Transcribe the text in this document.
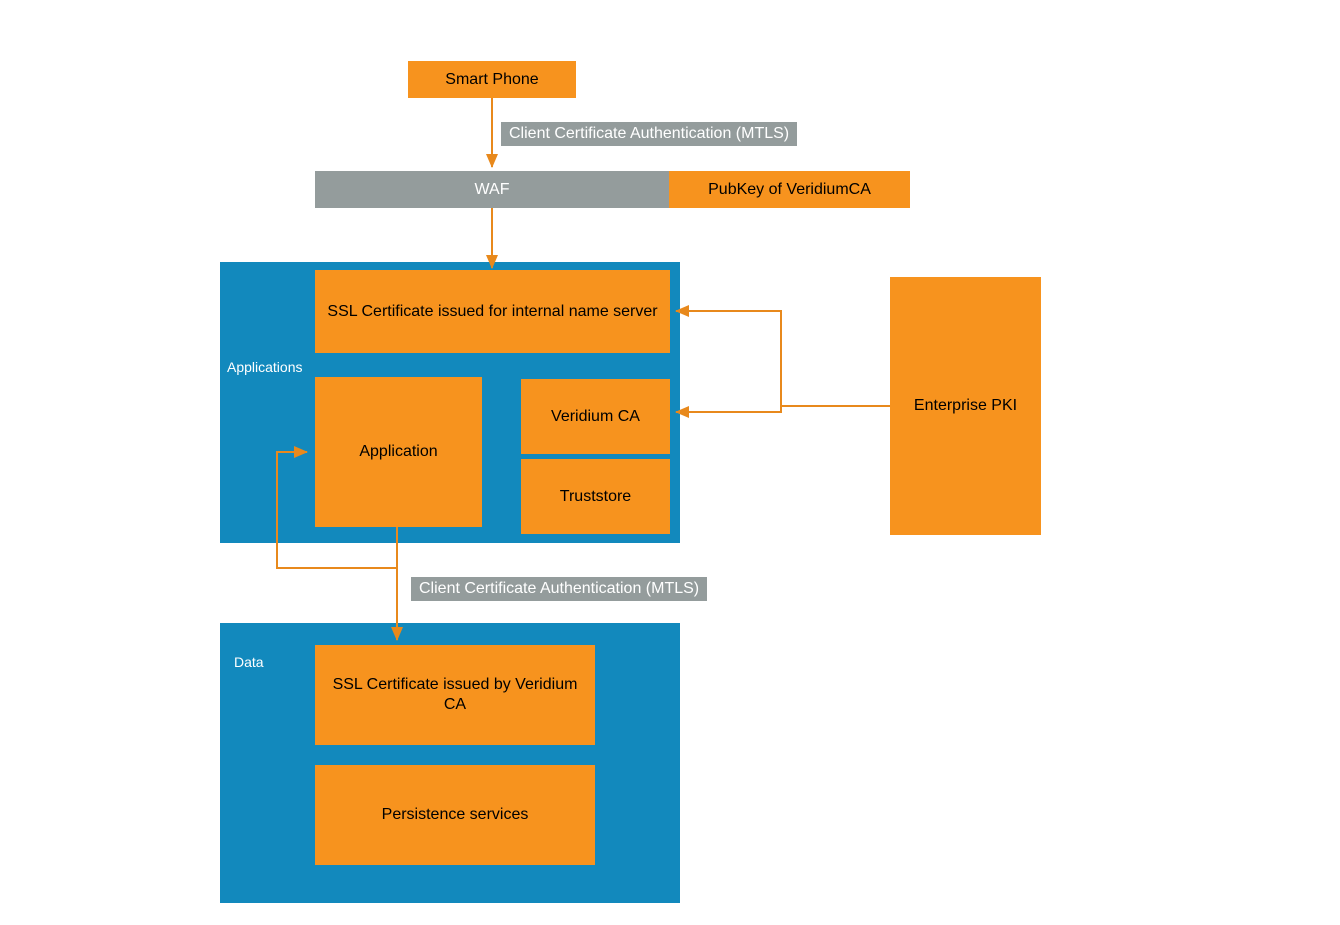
Applications
Data
Smart Phone
Client Certificate Authentication (MTLS)
WAF	PubKey of VeridiumCA
SSL Certificate issued for internal name server
Application
Veridium CA
Truststore
Enterprise PKI
Client Certificate Authentication (MTLS)
SSL Certificate issued by Veridium CA
Persistence services
